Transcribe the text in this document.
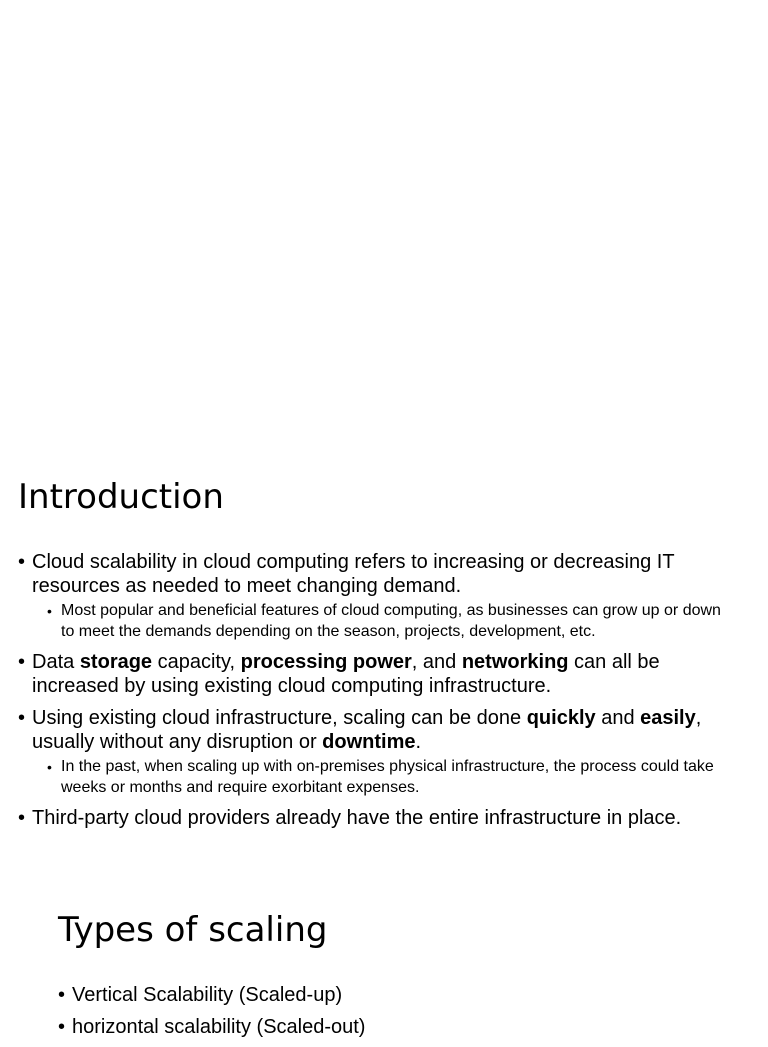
Introduction
• Cloud scalability in cloud computing refers to increasing or decreasing IT resources as needed to meet changing demand.
• Most popular and beneficial features of cloud computing, as businesses can grow up or down to meet the demands depending on the season, projects, development, etc.
• Data storage capacity, processing power, and networking can all be increased by using existing cloud computing infrastructure.
• Using existing cloud infrastructure, scaling can be done quickly and easily, usually without any disruption or downtime.
• In the past, when scaling up with on-premises physical infrastructure, the process could take weeks or months and require exorbitant expenses.
• Third-party cloud providers already have the entire infrastructure in place.
Types of scaling
• Vertical Scalability (Scaled-up)
• horizontal scalability (Scaled-out)
